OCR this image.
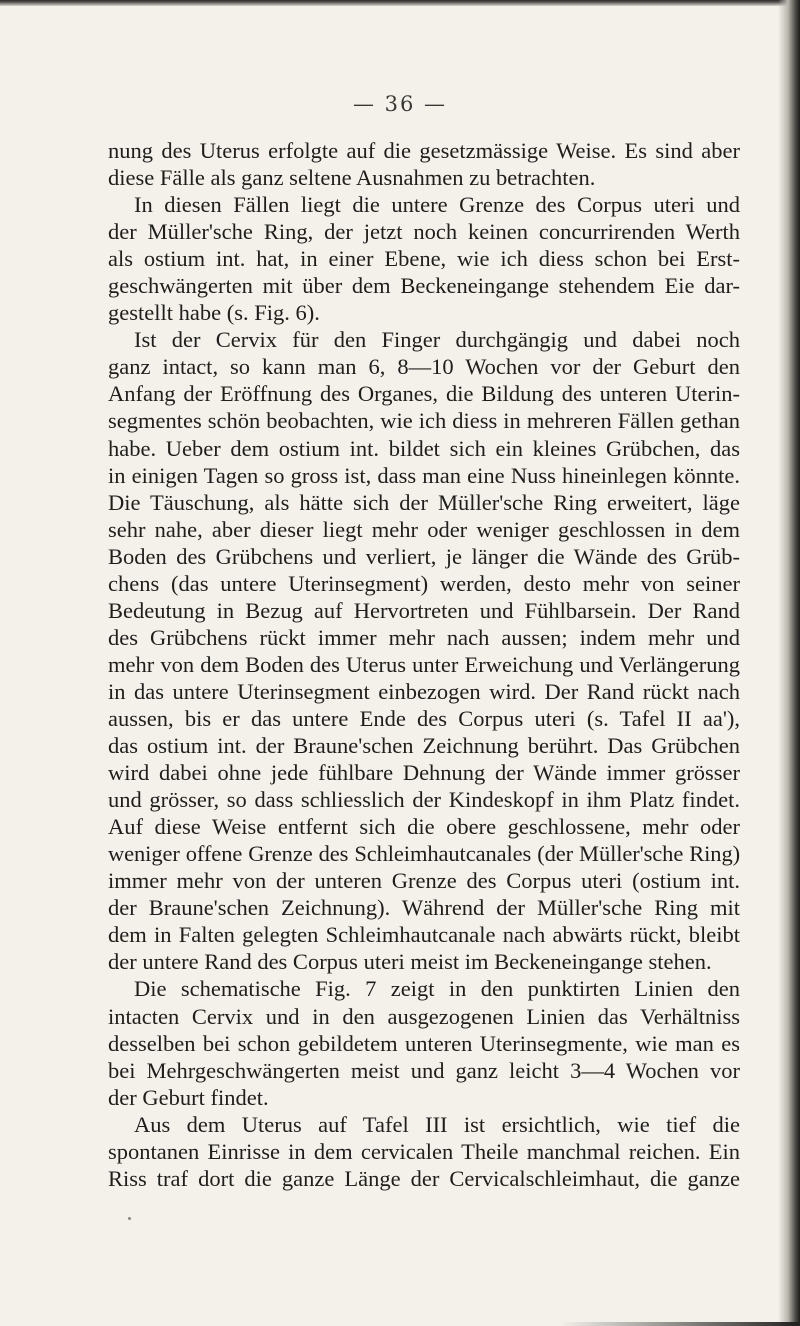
— 36 —
nung des Uterus erfolgte auf die gesetzmässige Weise. Es sind aber
diese Fälle als ganz seltene Ausnahmen zu betrachten.
In diesen Fällen liegt die untere Grenze des Corpus uteri und
der Müller'sche Ring, der jetzt noch keinen concurrirenden Werth
als ostium int. hat, in einer Ebene, wie ich diess schon bei Erst-
geschwängerten mit über dem Beckeneingange stehendem Eie dar-
gestellt habe (s. Fig. 6).
Ist der Cervix für den Finger durchgängig und dabei noch
ganz intact, so kann man 6, 8—10 Wochen vor der Geburt den
Anfang der Eröffnung des Organes, die Bildung des unteren Uterin-
segmentes schön beobachten, wie ich diess in mehreren Fällen gethan
habe. Ueber dem ostium int. bildet sich ein kleines Grübchen, das
in einigen Tagen so gross ist, dass man eine Nuss hineinlegen könnte.
Die Täuschung, als hätte sich der Müller'sche Ring erweitert, läge
sehr nahe, aber dieser liegt mehr oder weniger geschlossen in dem
Boden des Grübchens und verliert, je länger die Wände des Grüb-
chens (das untere Uterinsegment) werden, desto mehr von seiner
Bedeutung in Bezug auf Hervortreten und Fühlbarsein. Der Rand
des Grübchens rückt immer mehr nach aussen; indem mehr und
mehr von dem Boden des Uterus unter Erweichung und Verlängerung
in das untere Uterinsegment einbezogen wird. Der Rand rückt nach
aussen, bis er das untere Ende des Corpus uteri (s. Tafel II aa'),
das ostium int. der Braune'schen Zeichnung berührt. Das Grübchen
wird dabei ohne jede fühlbare Dehnung der Wände immer grösser
und grösser, so dass schliesslich der Kindeskopf in ihm Platz findet.
Auf diese Weise entfernt sich die obere geschlossene, mehr oder
weniger offene Grenze des Schleimhautcanales (der Müller'sche Ring)
immer mehr von der unteren Grenze des Corpus uteri (ostium int.
der Braune'schen Zeichnung). Während der Müller'sche Ring mit
dem in Falten gelegten Schleimhautcanale nach abwärts rückt, bleibt
der untere Rand des Corpus uteri meist im Beckeneingange stehen.
Die schematische Fig. 7 zeigt in den punktirten Linien den
intacten Cervix und in den ausgezogenen Linien das Verhältniss
desselben bei schon gebildetem unteren Uterinsegmente, wie man es
bei Mehrgeschwängerten meist und ganz leicht 3—4 Wochen vor
der Geburt findet.
Aus dem Uterus auf Tafel III ist ersichtlich, wie tief die
spontanen Einrisse in dem cervicalen Theile manchmal reichen. Ein
Riss traf dort die ganze Länge der Cervicalschleimhaut, die ganze
